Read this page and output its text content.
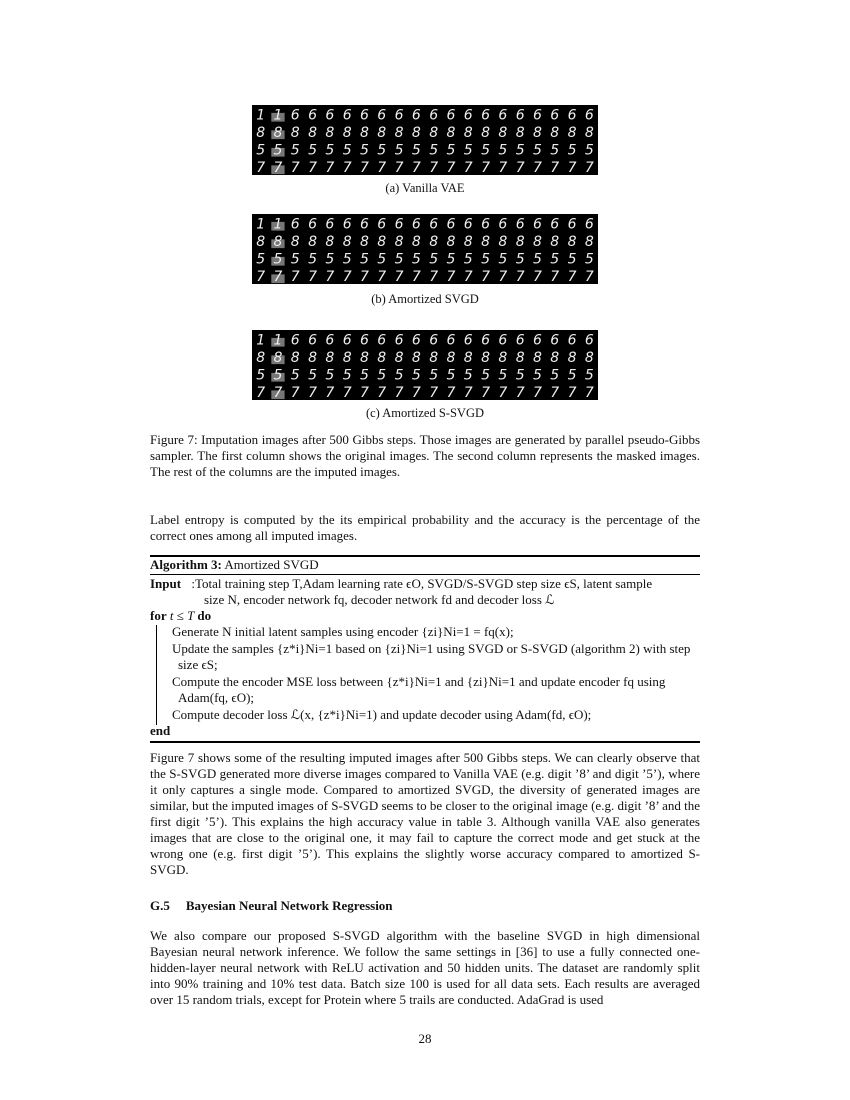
1 1 6 6 6 6 6 6 6 6 6 6 6 6 6 6 6 6 6 6
8 8 8 8 8 8 8 8 8 8 8 8 8 8 8 8 8 8 8 8
5 5 5 5 5 5 5 5 5 5 5 5 5 5 5 5 5 5 5 5
7 7 7 7 7 7 7 7 7 7 7 7 7 7 7 7 7 7 7 7
(a) Vanilla VAE
1 1 6 6 6 6 6 6 6 6 6 6 6 6 6 6 6 6 6 6
8 8 8 8 8 8 8 8 8 8 8 8 8 8 8 8 8 8 8 8
5 5 5 5 5 5 5 5 5 5 5 5 5 5 5 5 5 5 5 5
7 7 7 7 7 7 7 7 7 7 7 7 7 7 7 7 7 7 7 7
(b) Amortized SVGD
1 1 6 6 6 6 6 6 6 6 6 6 6 6 6 6 6 6 6 6
8 8 8 8 8 8 8 8 8 8 8 8 8 8 8 8 8 8 8 8
5 5 5 5 5 5 5 5 5 5 5 5 5 5 5 5 5 5 5 5
7 7 7 7 7 7 7 7 7 7 7 7 7 7 7 7 7 7 7 7
(c) Amortized S-SVGD
Figure 7: Imputation images after 500 Gibbs steps. Those images are generated by parallel pseudo-Gibbs sampler. The first column shows the original images. The second column represents the masked images. The rest of the columns are the imputed images.
Label entropy is computed by the its empirical probability and the accuracy is the percentage of the correct ones among all imputed images.
Algorithm 3: Amortized SVGD
Input :Total training step T,Adam learning rate ϵO, SVGD/S-SVGD step size ϵS, latent sample
size N, encoder network fq, decoder network fd and decoder loss ℒ
for t ≤ T do
Generate N initial latent samples using encoder {zi}Ni=1 = fq(x);
Update the samples {z*i}Ni=1 based on {zi}Ni=1 using SVGD or S-SVGD (algorithm 2) with step
size ϵS;
Compute the encoder MSE loss between {z*i}Ni=1 and {zi}Ni=1 and update encoder fq using
Adam(fq, ϵO);
Compute decoder loss ℒ(x, {z*i}Ni=1) and update decoder using Adam(fd, ϵO);
end
Figure 7 shows some of the resulting imputed images after 500 Gibbs steps. We can clearly observe that the S-SVGD generated more diverse images compared to Vanilla VAE (e.g. digit ’8’ and digit ’5’), where it only captures a single mode. Compared to amortized SVGD, the diversity of generated images are similar, but the imputed images of S-SVGD seems to be closer to the original image (e.g. digit ’8’ and the first digit ’5’). This explains the high accuracy value in table 3. Although vanilla VAE also generates images that are close to the original one, it may fail to capture the correct mode and get stuck at the wrong one (e.g. first digit ’5’). This explains the slightly worse accuracy compared to amortized S-SVGD.
G.5 Bayesian Neural Network Regression
We also compare our proposed S-SVGD algorithm with the baseline SVGD in high dimensional Bayesian neural network inference. We follow the same settings in [36] to use a fully connected one-hidden-layer neural network with ReLU activation and 50 hidden units. The dataset are randomly split into 90% training and 10% test data. Batch size 100 is used for all data sets. Each results are averaged over 15 random trials, except for Protein where 5 trails are conducted. AdaGrad is used
28
